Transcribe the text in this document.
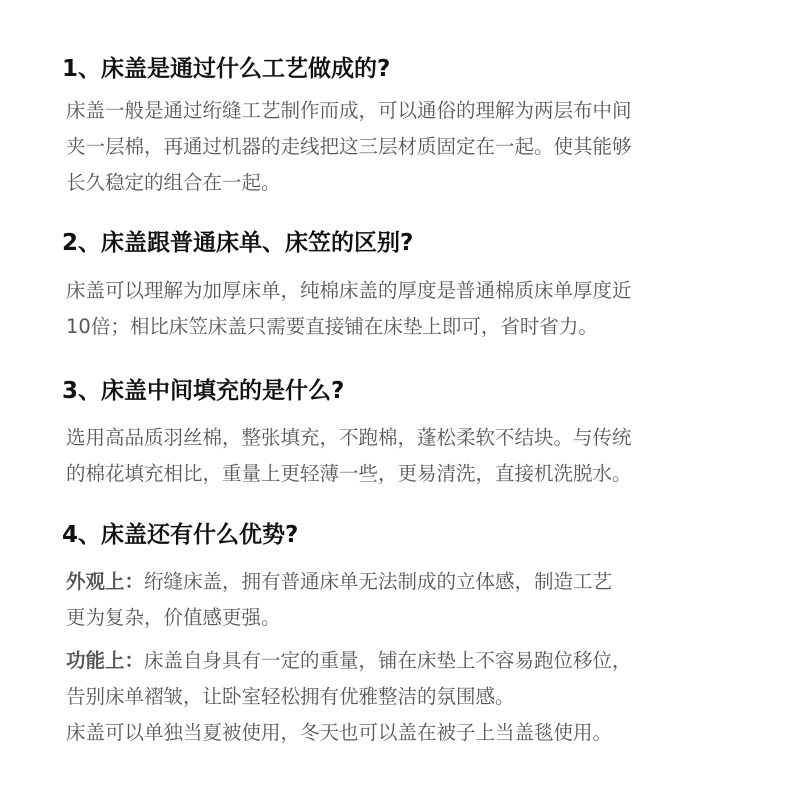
1、床盖是通过什么工艺做成的?

床盖一般是通过绗缝工艺制作而成，可以通俗的理解为两层布中间
夹一层棉，再通过机器的走线把这三层材质固定在一起。使其能够
长久稳定的组合在一起。

2、床盖跟普通床单、床笠的区别?

床盖可以理解为加厚床单，纯棉床盖的厚度是普通棉质床单厚度近
10倍；相比床笠床盖只需要直接铺在床垫上即可，省时省力。

3、床盖中间填充的是什么?

选用高品质羽丝棉，整张填充，不跑棉，蓬松柔软不结块。与传统
的棉花填充相比，重量上更轻薄一些，更易清洗，直接机洗脱水。

4、床盖还有什么优势?

外观上：绗缝床盖，拥有普通床单无法制成的立体感，制造工艺
更为复杂，价值感更强。

功能上：床盖自身具有一定的重量，铺在床垫上不容易跑位移位，
告别床单褶皱，让卧室轻松拥有优雅整洁的氛围感。
床盖可以单独当夏被使用，冬天也可以盖在被子上当盖毯使用。
